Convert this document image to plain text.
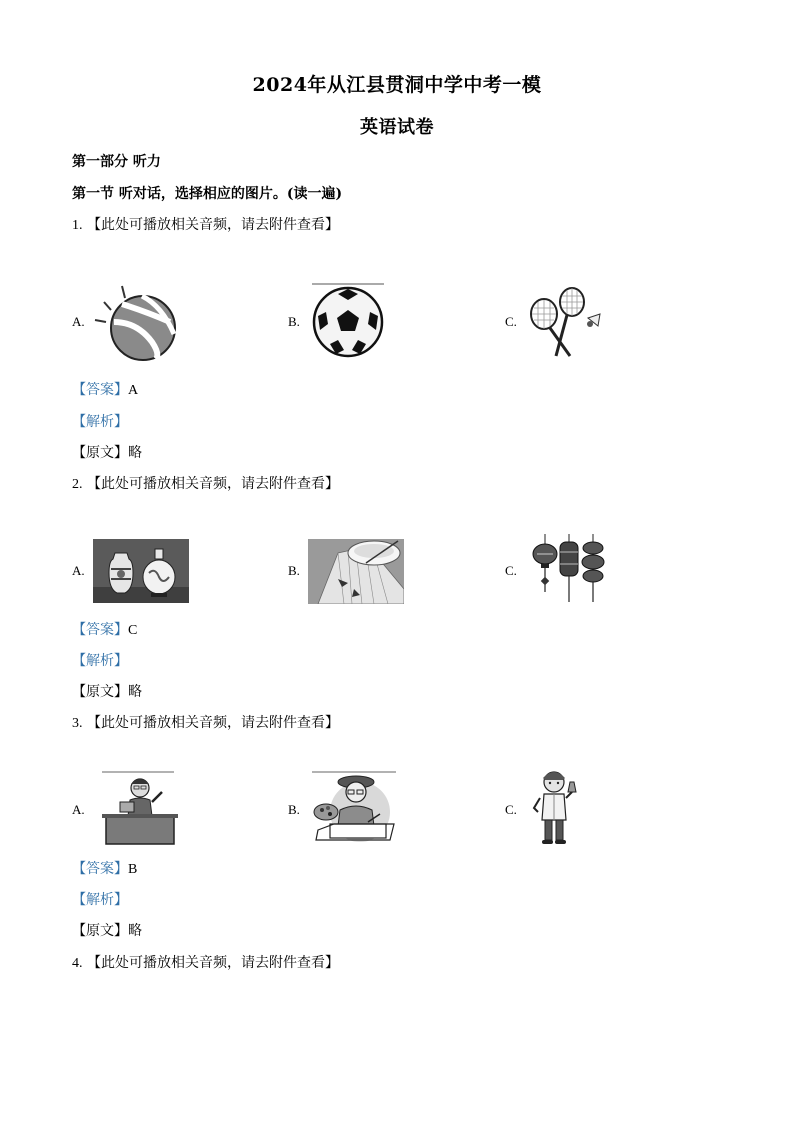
2024年从江县贯洞中学中考一模
英语试卷
第一部分 听力
第一节 听对话，选择相应的图片。(读一遍)
1. 【此处可播放相关音频，请去附件查看】
A.	B.	C.
【答案】A
【解析】
【原文】略
2. 【此处可播放相关音频，请去附件查看】
A.	B.	C.
【答案】C
【解析】
【原文】略
3. 【此处可播放相关音频，请去附件查看】
A.	B.	C.
【答案】B
【解析】
【原文】略
4. 【此处可播放相关音频，请去附件查看】
